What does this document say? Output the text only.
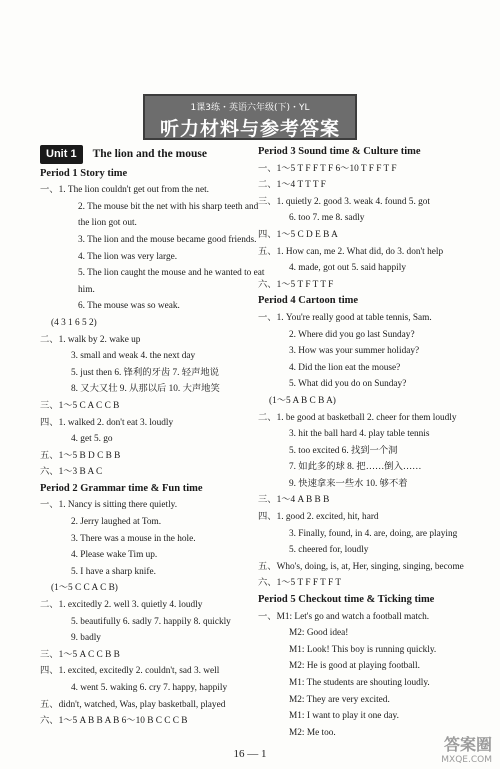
1课3练・英语六年级(下)・YL
听力材料与参考答案
Unit 1	The lion and the mouse
Period 1 Story time
一、1. The lion couldn't get out from the net.
2. The mouse bit the net with his sharp teeth and
the lion got out.
3. The lion and the mouse became good friends.
4. The lion was very large.
5. The lion caught the mouse and he wanted to eat
him.
6. The mouse was so weak.
(4 3 1 6 5 2)
二、1. walk by 2. wake up
3. small and weak 4. the next day
5. just then 6. 锋利的牙齿 7. 轻声地说
8. 又大又壮 9. 从那以后 10. 大声地笑
三、1～5 C A C C B
四、1. walked 2. don't eat 3. loudly
4. get 5. go
五、1～5 B D C B B
六、1～3 B A C
Period 2 Grammar time & Fun time
一、1. Nancy is sitting there quietly.
2. Jerry laughed at Tom.
3. There was a mouse in the hole.
4. Please wake Tim up.
5. I have a sharp knife.
(1～5 C C A C B)
二、1. excitedly 2. well 3. quietly 4. loudly
5. beautifully 6. sadly 7. happily 8. quickly
9. badly
三、1～5 A C C B B
四、1. excited, excitedly 2. couldn't, sad 3. well
4. went 5. waking 6. cry 7. happy, happily
五、didn't, watched, Was, play basketball, played
六、1～5 A B B A B 6～10 B C C C B
Period 3 Sound time & Culture time
一、1～5 T F F T F 6～10 T F F T F
二、1～4 T T T F
三、1. quietly 2. good 3. weak 4. found 5. got
6. too 7. me 8. sadly
四、1～5 C D E B A
五、1. How can, me 2. What did, do 3. don't help
4. made, got out 5. said happily
六、1～5 T F T T F
Period 4 Cartoon time
一、1. You're really good at table tennis, Sam.
2. Where did you go last Sunday?
3. How was your summer holiday?
4. Did the lion eat the mouse?
5. What did you do on Sunday?
(1～5 A B C B A)
二、1. be good at basketball 2. cheer for them loudly
3. hit the ball hard 4. play table tennis
5. too excited 6. 找到一个洞
7. 如此多的球 8. 把……倒入……
9. 快速拿来一些水 10. 够不着
三、1～4 A B B B
四、1. good 2. excited, hit, hard
3. Finally, found, in 4. are, doing, are playing
5. cheered for, loudly
五、Who's, doing, is, at, Her, singing, singing, become
六、1～5 T F F T F T
Period 5 Checkout time & Ticking time
一、M1: Let's go and watch a football match.
M2: Good idea!
M1: Look! This boy is running quickly.
M2: He is good at playing football.
M1: The students are shouting loudly.
M2: They are very excited.
M1: I want to play it one day.
M2: Me too.
16 — 1	答案圈
MXQE.COM
